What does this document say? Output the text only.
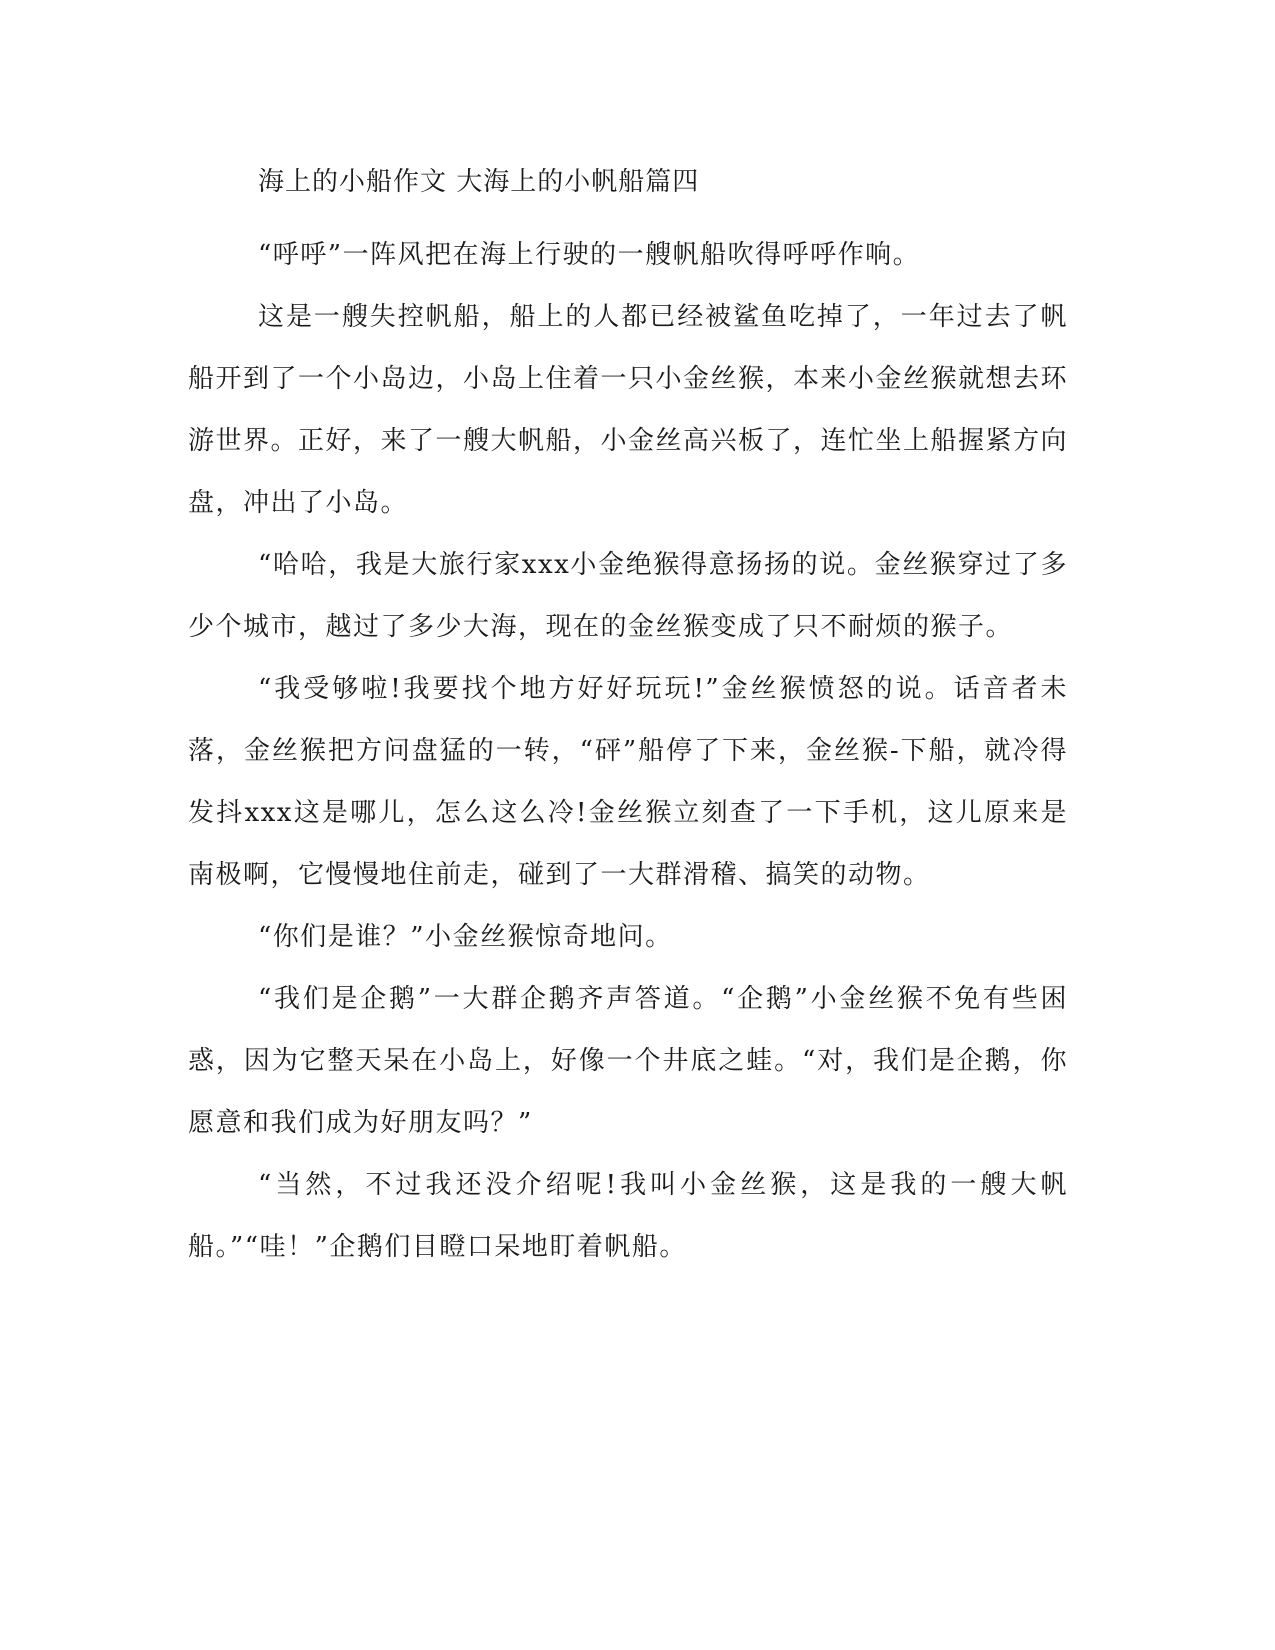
海上的小船作文 大海上的小帆船篇四

“呼呼”一阵风把在海上行驶的一艘帆船吹得呼呼作响。

这是一艘失控帆船，船上的人都已经被鲨鱼吃掉了，一年过去了帆船开到了一个小岛边，小岛上住着一只小金丝猴，本来小金丝猴就想去环游世界。正好，来了一艘大帆船，小金丝高兴板了，连忙坐上船握紧方向盘，冲出了小岛。

“哈哈，我是大旅行家xxx小金绝猴得意扬扬的说。金丝猴穿过了多少个城市，越过了多少大海，现在的金丝猴变成了只不耐烦的猴子。

“我受够啦!我要找个地方好好玩玩!”金丝猴愤怒的说。话音者未落，金丝猴把方问盘猛的一转，“砰”船停了下来，金丝猴-下船，就冷得发抖xxx这是哪儿，怎么这么冷!金丝猴立刻查了一下手机，这儿原来是南极啊，它慢慢地住前走，碰到了一大群滑稽、搞笑的动物。

“你们是谁？”小金丝猴惊奇地问。

“我们是企鹅”一大群企鹅齐声答道。“企鹅”小金丝猴不免有些困惑，因为它整天呆在小岛上，好像一个井底之蛙。“对，我们是企鹅，你愿意和我们成为好朋友吗？”

“当然，不过我还没介绍呢!我叫小金丝猴，这是我的一艘大帆船。”“哇！”企鹅们目瞪口呆地盯着帆船。
